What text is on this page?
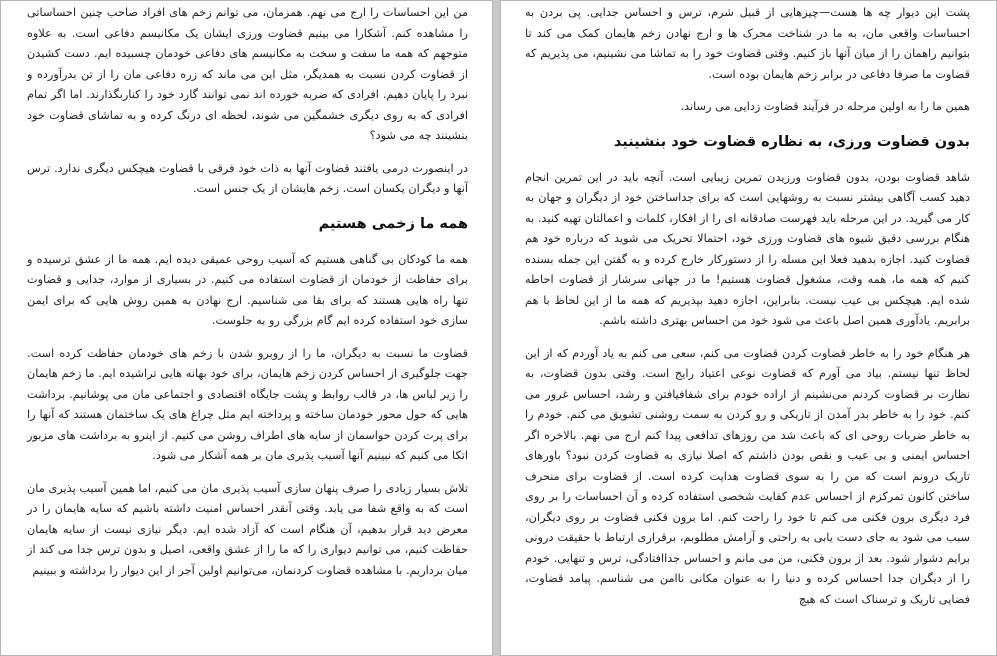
من این احساسات را ارج می نهم. همزمان، می توانم زخم های افراد صاحب چنین احساساتی را مشاهده کنم. آشکارا می بینیم قضاوت ورزی ایشان یک مکانیسم دفاعی است. به علاوه متوجهم که همه ما سفت و سخت به مکانیسم های دفاعی خودمان چسبیده ایم. دست کشیدن از قضاوت کردن نسبت به همدیگر، مثل این می ماند که زره دفاعی مان را از تن بدرآورده و نبرد را پایان دهیم. افرادی که ضربه خورده اند نمی توانند گارد خود را کناربگذارند. اما اگر تمام افرادی که به روی دیگری خشمگین می شوند، لحظه ای درنگ کرده و به تماشای قضاوت خود بنشینند چه می شود؟

در اینصورت درمی یافتند قضاوت آنها به ذات خود فرقی با قضاوت هیچکس دیگری ندارد. ترس آنها و دیگران یکسان است. زخم هایشان از یک جنس است.

همه ما زخمی هستیم

همه ما کودکان بی گناهی هستیم که آسیب روحی عمیقی دیده ایم. همه ما از عشق ترسیده و برای حفاظت از خودمان از قضاوت استفاده می کنیم. در بسیاری از موارد، جدایی و قضاوت تنها راه هایی هستند که برای بقا می شناسیم. ارج نهادن به همین روش هایی که برای ایمن سازی خود استفاده کرده ایم گام بزرگی رو به جلوست.

قضاوت ما نسبت به دیگران، ما را از روبرو شدن با زخم های خودمان حفاظت کرده است. جهت جلوگیری از احساس کردن زخم هایمان، برای خود بهانه هایی تراشیده ایم. ما زخم هایمان را زیر لباس ها، در قالب روابط و پشت جایگاه اقتصادی و اجتماعی مان می پوشانیم. برداشت هایی که حول محور خودمان ساخته و پرداخته ایم مثل چراغ های یک ساختمان هستند که آنها را برای پرت کردن حواسمان از سایه های اطراف روشن می کنیم. از اینرو به برداشت های مزبور اتکا می کنیم که نبینیم آنها آسیب پذیری مان بر همه آشکار می شود.

تلاش بسیار زیادی را صرف پنهان سازی آسیب پذیری مان می کنیم، اما همین آسیب پذیری مان است که به واقع شفا می یابد. وقتی آنقدر احساس امنیت داشته باشیم که سایه هایمان را در معرض دید قرار بدهیم، آن هنگام است که آزاد شده ایم. دیگر نیازی نیست از سایه هایمان حفاظت کنیم، می توانیم دیواری را که ما را از عشق واقعی، اصیل و بدون ترس جدا می کند از میان برداریم. با مشاهده قضاوت کردنمان، می‌توانیم اولین آجر از این دیوار را برداشته و ببینیم

پشت این دیوار چه ها هست—چیزهایی از قبیل شرم، ترس و احساس جدایی. پی بردن به احساسات واقعی مان، به ما در شناخت محرک ها و ارج نهادن زخم هایمان کمک می کند تا بتوانیم راهمان را از میان آنها باز کنیم. وقتی قضاوت خود را به تماشا می نشینیم، می پذیریم که قضاوت ما صرفا دفاعی در برابر زخم هایمان بوده است.

همین ما را به اولین مرحله در فرآیند قضاوت زدایی می رساند.

بدون قضاوت ورزی، به نظاره قضاوت خود بنشینید

شاهد قضاوت بودن، بدون قضاوت ورزیدن تمرین زیبایی است. آنچه باید در این تمرین انجام دهید کسب آگاهی بیشتر نسبت به روشهایی است که برای جداساختن خود از دیگران و جهان به کار می گیرید. در این مرحله باید فهرست صادقانه ای را از افکار، کلمات و اعمالتان تهیه کنید. به هنگام بررسی دقیق شیوه های قضاوت ورزی خود، احتمالا تحریک می شوید که درباره خود هم قضاوت کنید. اجازه بدهید فعلا این مسله را از دستورکار خارج کرده و به گفتن این جمله بسنده کنیم که همه ما، همه وقت، مشغول قضاوت هستیم! ما در جهانی سرشار از قضاوت احاطه شده ایم. هیچکس بی عیب نیست. بنابراین، اجازه دهید بپذیریم که همه ما از این لحاظ با هم برابریم. یادآوری همین اصل باعث می شود خود من احساس بهتری داشته باشم.

هر هنگام خود را به خاطر قضاوت کردن قضاوت می کنم، سعی می کنم به یاد آوردم که از این لحاظ تنها نیستم. بیاد می آورم که قضاوت نوعی اعتیاد رایج است. وقتی بدون قضاوت، به نظارت بر قضاوت کردنم می‌نشینم از اراده خودم برای شفافیافتن و رشد، احساس غرور می کنم. خود را به خاطر بدر آمدن از تاریکی و رو کردن به سمت روشنی تشویق می کنم. خودم را به خاطر ضربات روحی ای که باعث شد من روزهای تدافعی پیدا کنم ارج می نهم. بالاخره اگر احساس ایمنی و بی عیب و نقص بودن داشتم که اصلا نیازی به قضاوت کردن نبود؟ باورهای تاریک درونم است که من را به سوی قضاوت هدایت کرده است. از قضاوت برای منحرف ساختن کانون تمرکزم از احساس عدم کفایت شخصی استفاده کرده و آن احساسات را بر روی فرد دیگری برون فکنی می کنم تا خود را راحت کنم. اما برون فکنی قضاوت بر روی دیگران، سبب می شود به جای دست یابی به راحتی و آرامش مطلوبم، برقراری ارتباط با حقیقت درونی برایم دشوار شود. بعد از برون فکنی، من می مانم و احساس جداافتادگی، ترس و تنهایی. خودم را از دیگران جدا احساس کرده و دنیا را به عنوان مکانی ناامن می شناسم. پیامد قضاوت، فضایی تاریک و ترسناک است که هیچ
